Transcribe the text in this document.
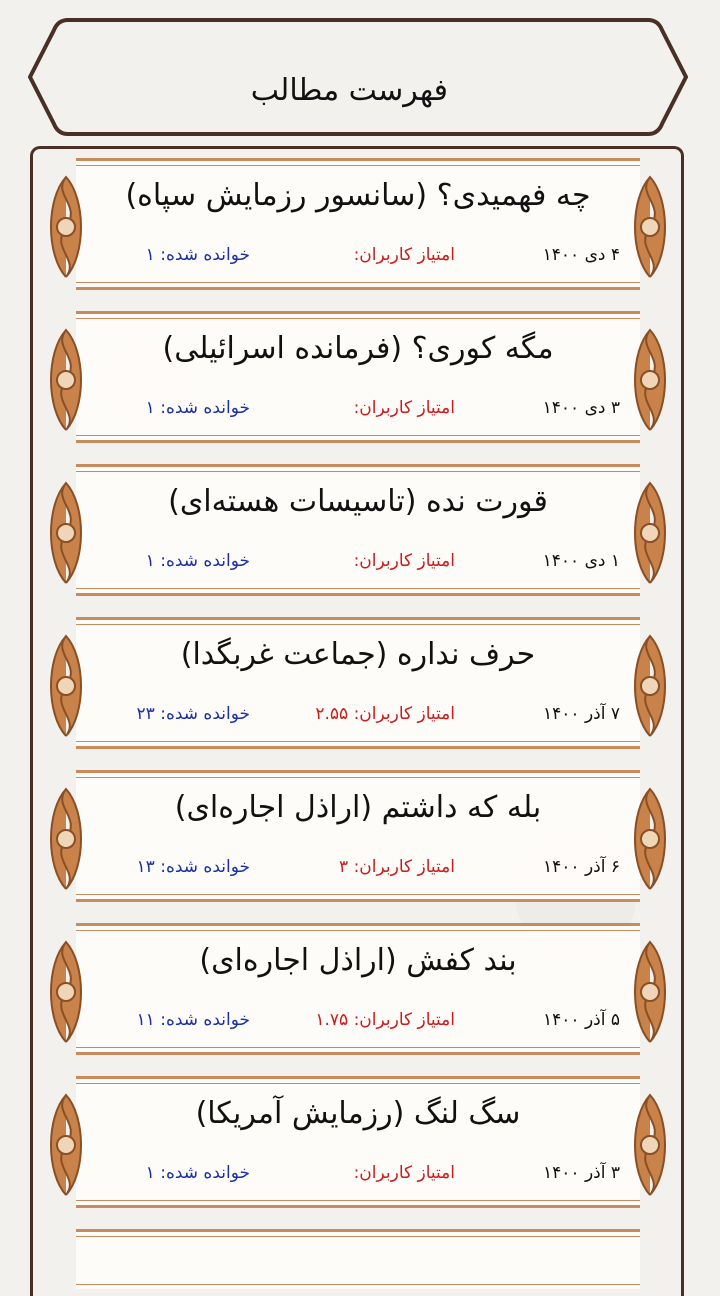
فهرست مطالب
چه فهمیدی؟ (سانسور رزمایش سپاه)
۴ دی ۱۴۰۰
امتیاز کاربران:
خوانده شده: ۱
مگه کوری؟ (فرمانده اسرائیلی)
۳ دی ۱۴۰۰
امتیاز کاربران:
خوانده شده: ۱
قورت نده (تاسیسات هسته‌ای)
۱ دی ۱۴۰۰
امتیاز کاربران:
خوانده شده: ۱
حرف نداره (جماعت غربگدا)
۷ آذر ۱۴۰۰
امتیاز کاربران: ۲.۵۵
خوانده شده: ۲۳
بله که داشتم (اراذل اجاره‌ای)
۶ آذر ۱۴۰۰
امتیاز کاربران: ۳
خوانده شده: ۱۳
بند کفش (اراذل اجاره‌ای)
۵ آذر ۱۴۰۰
امتیاز کاربران: ۱.۷۵
خوانده شده: ۱۱
سگ لنگ (رزمایش آمریکا)
۳ آذر ۱۴۰۰
امتیاز کاربران:
خوانده شده: ۱
